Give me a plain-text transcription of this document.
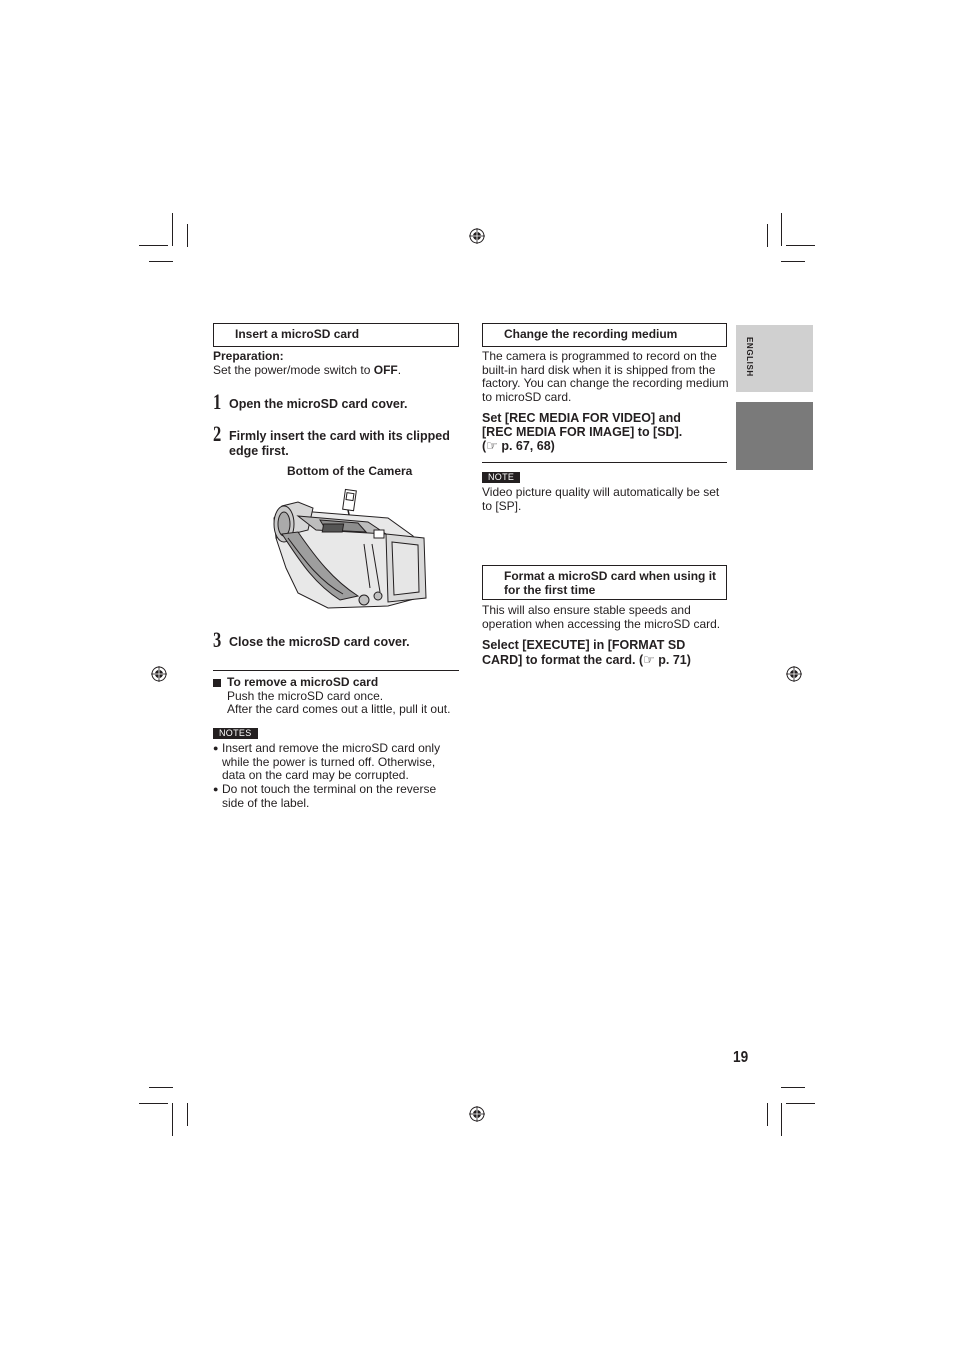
ENGLISH
Insert a microSD card
Preparation:
Set the power/mode switch to OFF.
1 Open the microSD card cover.
2 Firmly insert the card with its clipped edge first.
Bottom of the Camera
3 Close the microSD card cover.
To remove a microSD card
Push the microSD card once.
After the card comes out a little, pull it out.
NOTES
● Insert and remove the microSD card only while the power is turned off. Otherwise, data on the card may be corrupted.
● Do not touch the terminal on the reverse side of the label.
Change the recording medium
The camera is programmed to record on the built-in hard disk when it is shipped from the factory. You can change the recording medium to microSD card.
Set [REC MEDIA FOR VIDEO] and
[REC MEDIA FOR IMAGE] to [SD].
(☞ p. 67, 68)
NOTE
Video picture quality will automatically be set to [SP].
Format a microSD card when using it for the first time
This will also ensure stable speeds and operation when accessing the microSD card.
Select [EXECUTE] in [FORMAT SD CARD] to format the card. (☞ p. 71)
19
